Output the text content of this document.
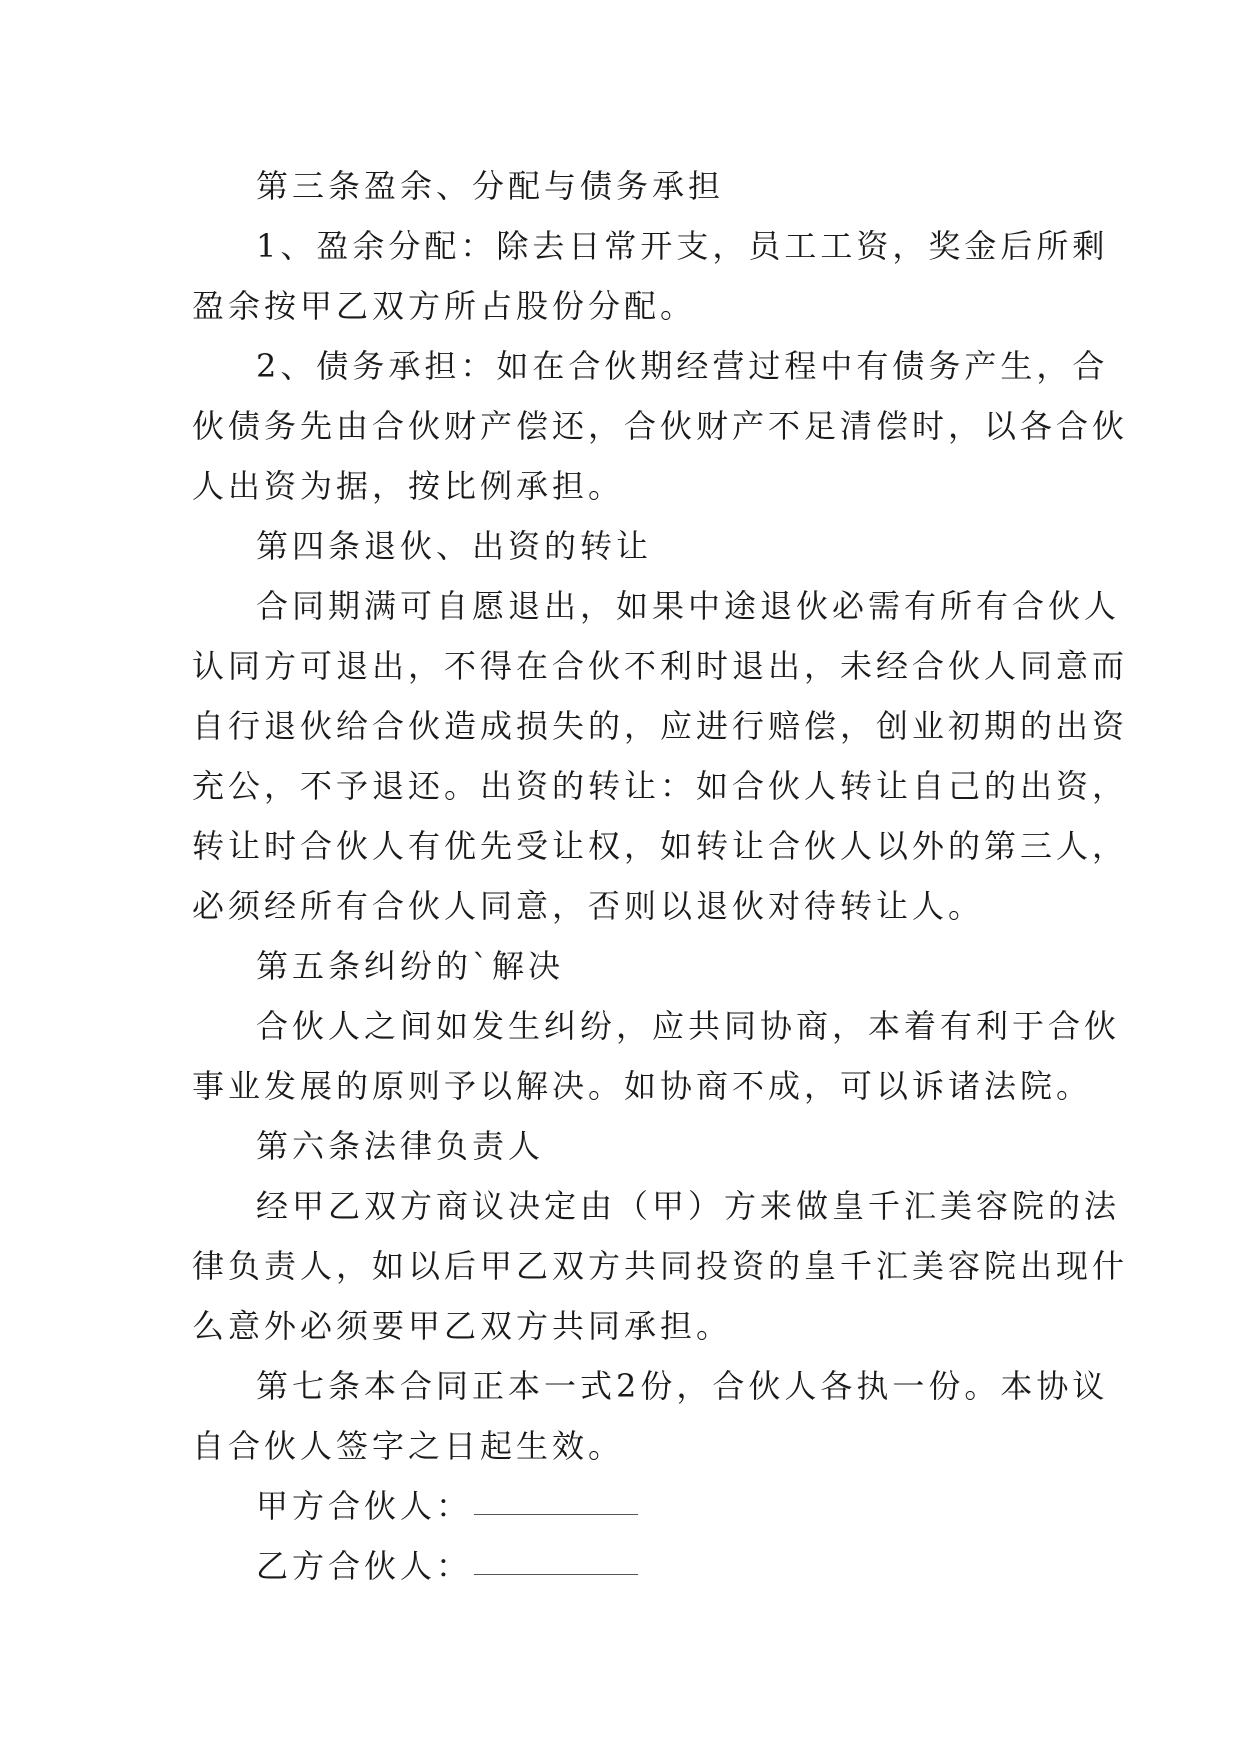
第三条盈余、分配与债务承担
1、盈余分配：除去日常开支，员工工资，奖金后所剩
盈余按甲乙双方所占股份分配。
2、债务承担：如在合伙期经营过程中有债务产生，合
伙债务先由合伙财产偿还，合伙财产不足清偿时，以各合伙
人出资为据，按比例承担。
第四条退伙、出资的转让
合同期满可自愿退出，如果中途退伙必需有所有合伙人
认同方可退出，不得在合伙不利时退出，未经合伙人同意而
自行退伙给合伙造成损失的，应进行赔偿，创业初期的出资
充公，不予退还。出资的转让：如合伙人转让自己的出资，
转让时合伙人有优先受让权，如转让合伙人以外的第三人，
必须经所有合伙人同意，否则以退伙对待转让人。
第五条纠纷的`解决
合伙人之间如发生纠纷，应共同协商，本着有利于合伙
事业发展的原则予以解决。如协商不成，可以诉诸法院。
第六条法律负责人
经甲乙双方商议决定由（甲）方来做皇千汇美容院的法
律负责人，如以后甲乙双方共同投资的皇千汇美容院出现什
么意外必须要甲乙双方共同承担。
第七条本合同正本一式2份，合伙人各执一份。本协议
自合伙人签字之日起生效。
甲方合伙人：
乙方合伙人：
